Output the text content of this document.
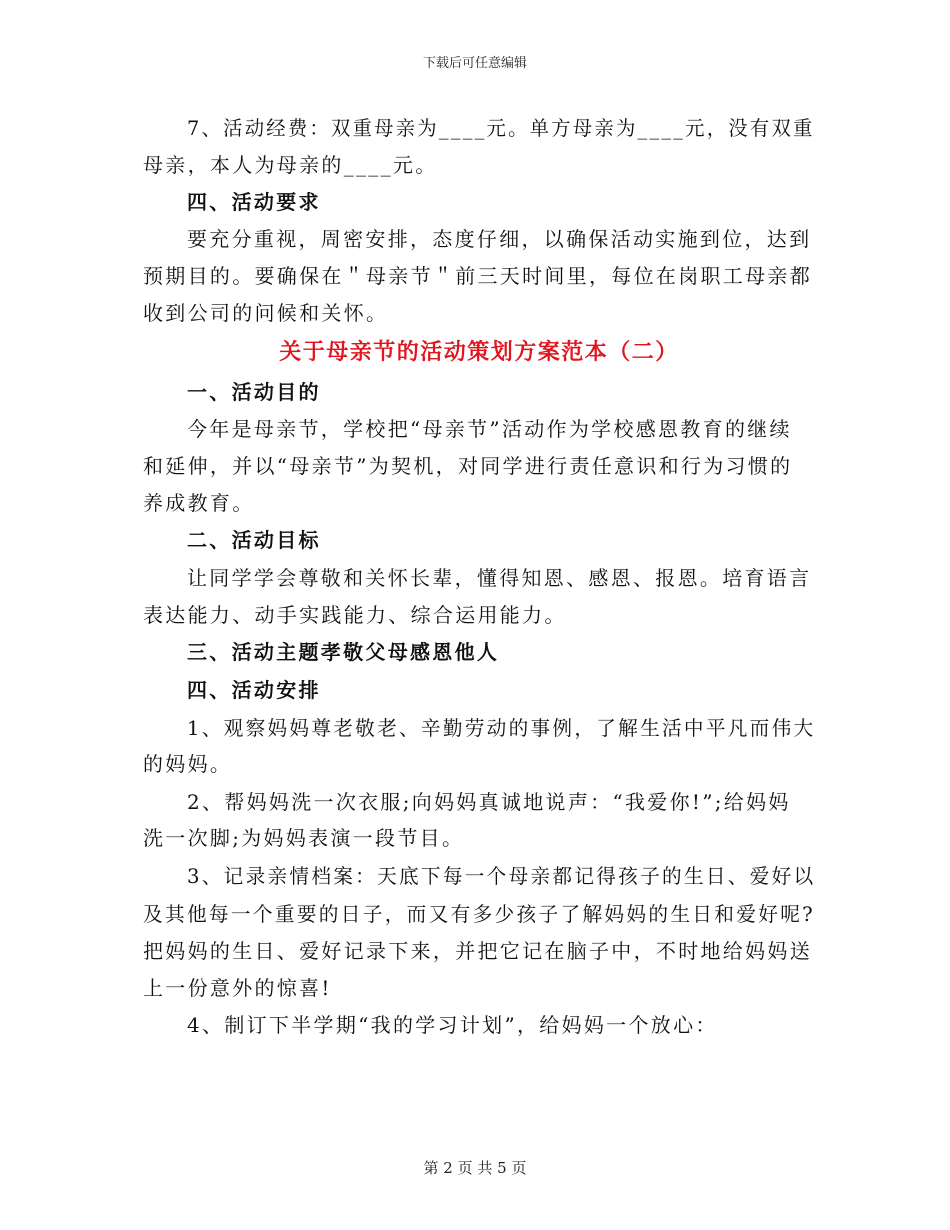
下载后可任意编辑
7、活动经费：双重母亲为____元。单方母亲为____元，没有双重
母亲，本人为母亲的____元。
四、活动要求
要充分重视，周密安排，态度仔细，以确保活动实施到位，达到
预期目的。要确保在＂母亲节＂前三天时间里，每位在岗职工母亲都
收到公司的问候和关怀。
关于母亲节的活动策划方案范本（二）
一、活动目的
今年是母亲节，学校把“母亲节”活动作为学校感恩教育的继续
和延伸，并以“母亲节”为契机，对同学进行责任意识和行为习惯的
养成教育。
二、活动目标
让同学学会尊敬和关怀长辈，懂得知恩、感恩、报恩。培育语言
表达能力、动手实践能力、综合运用能力。
三、活动主题孝敬父母感恩他人
四、活动安排
1、观察妈妈尊老敬老、辛勤劳动的事例，了解生活中平凡而伟大
的妈妈。
2、帮妈妈洗一次衣服;向妈妈真诚地说声：“我爱你!”;给妈妈
洗一次脚;为妈妈表演一段节目。
3、记录亲情档案：天底下每一个母亲都记得孩子的生日、爱好以
及其他每一个重要的日子，而又有多少孩子了解妈妈的生日和爱好呢?
把妈妈的生日、爱好记录下来，并把它记在脑子中，不时地给妈妈送
上一份意外的惊喜!
4、制订下半学期“我的学习计划”，给妈妈一个放心：
第 2 页 共 5 页
